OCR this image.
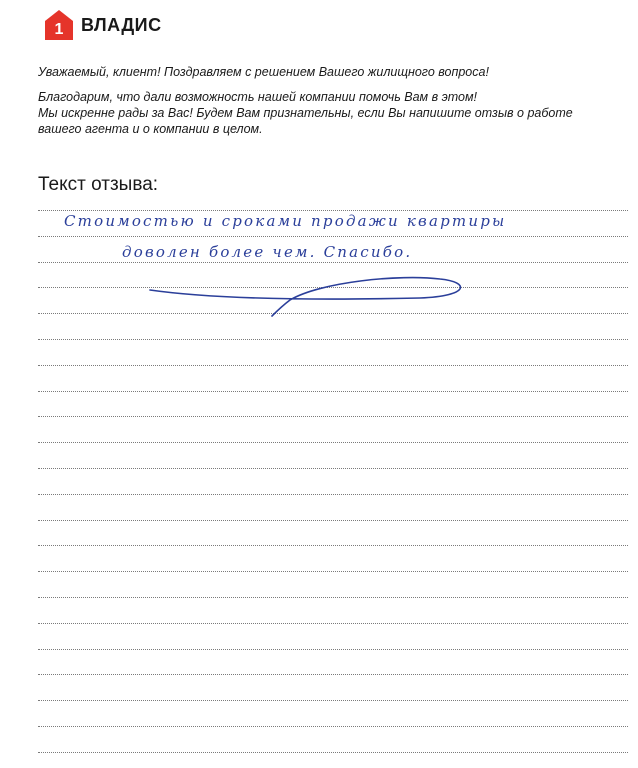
1 ВЛАДИС

Уважаемый, клиент! Поздравляем с решением Вашего жилищного вопроса!

Благодарим, что дали возможность нашей компании помочь Вам в этом!

Мы искренне рады за Вас! Будем Вам признательны, если Вы напишите отзыв о работе

вашего агента и о компании в целом.

Текст отзыва:
Стоимостью и сроками продажи квартиры
доволен более чем. Спасибо.
